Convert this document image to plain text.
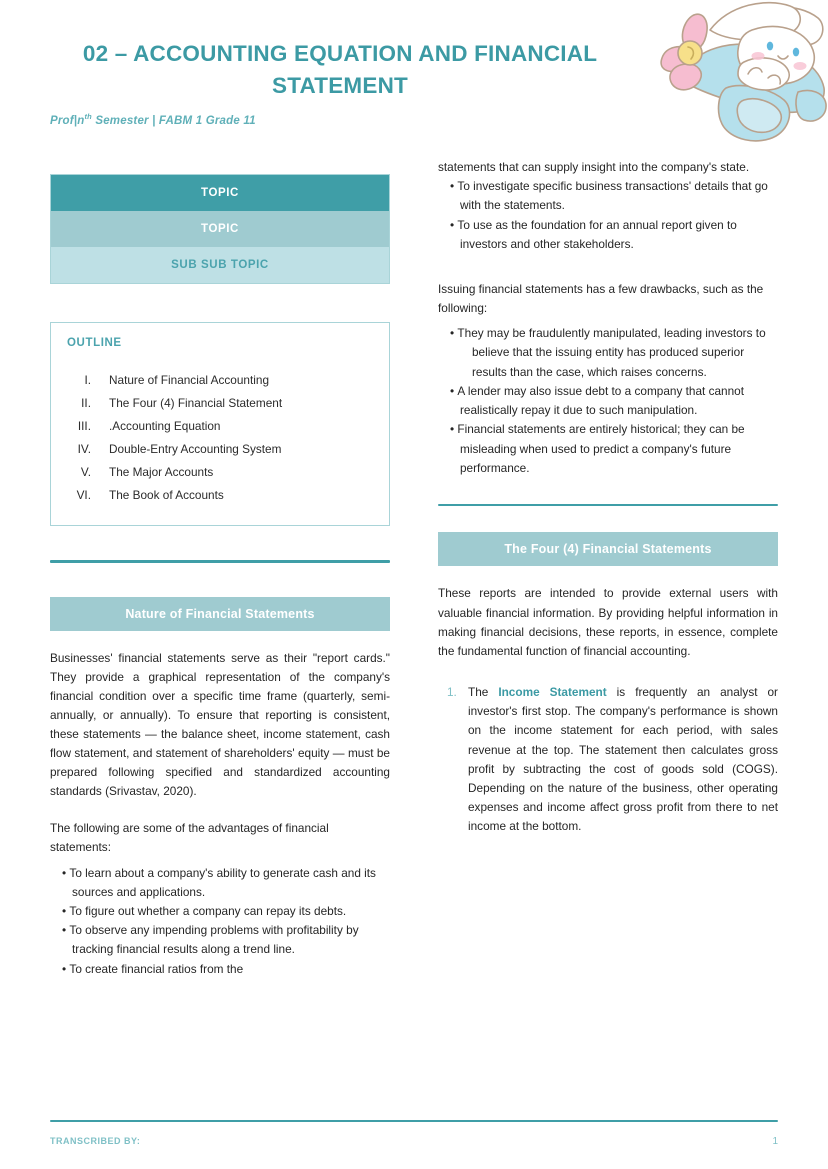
02 – ACCOUNTING EQUATION AND FINANCIAL STATEMENT
$Prof|n^{th}$ Semester | FABM 1 Grade 11
TOPIC
TOPIC
SUB SUB TOPIC
OUTLINE
I.	Nature of Financial Accounting
II.	The Four (4) Financial Statement
III.	.Accounting Equation
IV.	Double-Entry Accounting System
V.	The Major Accounts
VI.	The Book of Accounts
Nature of Financial Statements
Businesses' financial statements serve as their "report cards." They provide a graphical representation of the company's financial condition over a specific time frame (quarterly, semi-annually, or annually). To ensure that reporting is consistent, these statements — the balance sheet, income statement, cash flow statement, and statement of shareholders' equity — must be prepared following specified and standardized accounting standards (Srivastav, 2020).
The following are some of the advantages of financial statements:
• To learn about a company's ability to generate cash and its sources and applications.
• To figure out whether a company can repay its debts.
• To observe any impending problems with profitability by tracking financial results along a trend line.
• To create financial ratios from the
statements that can supply insight into the company's state.
• To investigate specific business transactions' details that go with the statements.
• To use as the foundation for an annual report given to investors and other stakeholders.
Issuing financial statements has a few drawbacks, such as the following:
• They may be fraudulently manipulated, leading investors to believe that the issuing entity has produced superior results than the case, which raises concerns.
• A lender may also issue debt to a company that cannot realistically repay it due to such manipulation.
• Financial statements are entirely historical; they can be misleading when used to predict a company's future performance.
The Four (4) Financial Statements
These reports are intended to provide external users with valuable financial information. By providing helpful information in making financial decisions, these reports, in essence, complete the fundamental function of financial accounting.
1. The Income Statement is frequently an analyst or investor's first stop. The company's performance is shown on the income statement for each period, with sales revenue at the top. The statement then calculates gross profit by subtracting the cost of goods sold (COGS). Depending on the nature of the business, other operating expenses and income affect gross profit from there to net income at the bottom.
TRANSCRIBED BY:	1
